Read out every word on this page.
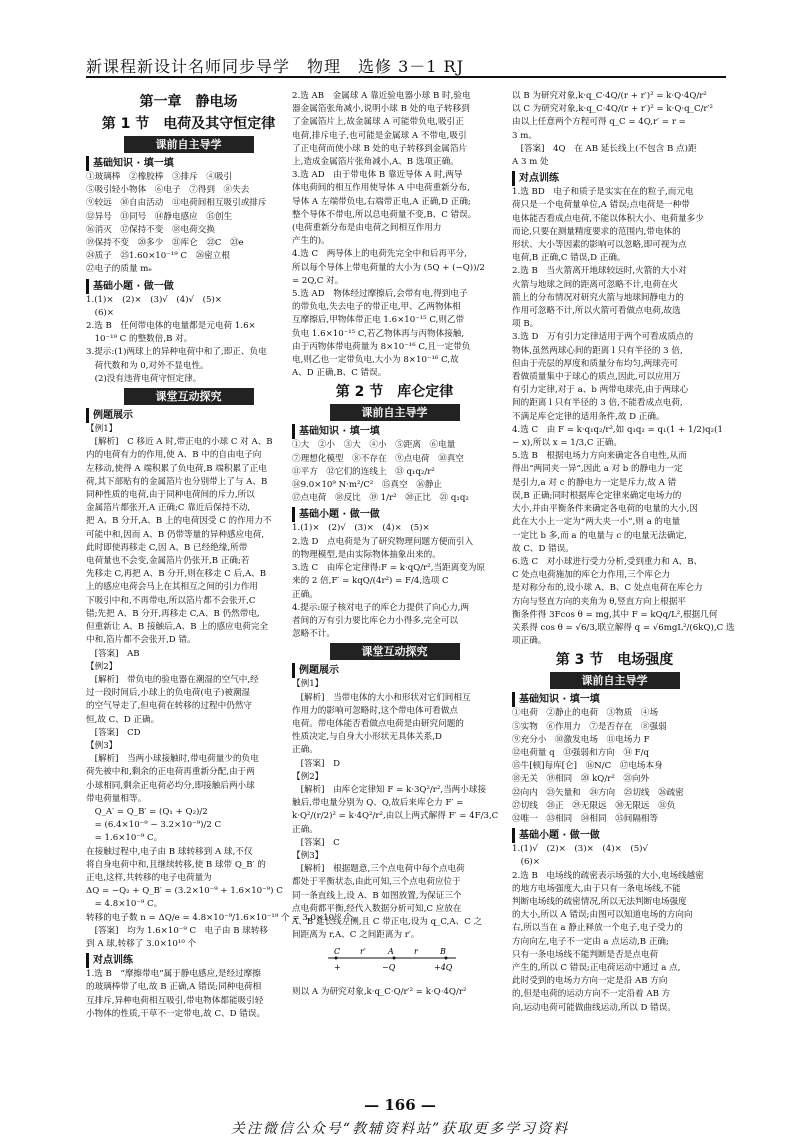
新课程新设计名师同步导学　物理　选修 3－1 RJ
第一章　静电场
第 1 节　电荷及其守恒定律
课前自主导学
基础知识 · 填一填
①玻璃棒　②橡胶棒　③排斥　④吸引
⑤吸引轻小物体　⑥电子　⑦得到　⑧失去
⑨较远　⑩自由活动　⑪电荷间相互吸引或排斥
⑫异号　⑬同号　⑭静电感应　⑮创生
⑯消灭　⑰保持不变　⑱电荷交换
⑲保持不变　⑳多少　㉑库仑　㉒C　㉓e
㉔质子　㉕1.60×10⁻¹⁹ C　㉖密立根
㉗电子的质量 mₑ
基础小题 · 做一做
1.(1)×　(2)×　(3)√　(4)√　(5)×
　(6)×
2.选 B　任何带电体的电量都是元电荷 1.6×
　10⁻¹⁹ C 的整数倍,B 对。
3.提示:(1)两球上的异种电荷中和了,即正、负电
　荷代数和为 0,对外不显电性。
　(2)没有违背电荷守恒定律。
课堂互动探究
例题展示
【例1】
　[解析]　C 移近 A 时,带正电的小球 C 对 A、B
内的电荷有力的作用,使 A、B 中的自由电子向
左移动,使得 A 端积累了负电荷,B 端积累了正电
荷,其下部贴有的金属箔片也分别带上了与 A、B
同种性质的电荷,由于同种电荷间的斥力,所以
金属箔片都张开,A 正确;C 靠近后保持不动,
把 A、B 分开,A、B 上的电荷因受 C 的作用力不
可能中和,因而 A、B 仍带等量的异种感应电荷,
此时即使再移走 C,因 A、B 已经绝缘,所带
电荷量也不会变,金属箔片仍张开,B 正确;若
先移走 C,再把 A、B 分开,则在移走 C 后,A、B
上的感应电荷会马上在其相互之间的引力作用
下吸引中和,不再带电,所以箔片都不会张开,C
错;先把 A、B 分开,再移走 C,A、B 仍然带电,
但重新让 A、B 接触后,A、B 上的感应电荷完全
中和,箔片都不会张开,D 错。
　[答案]　AB
【例2】
　[解析]　带负电的验电器在潮湿的空气中,经
过一段时间后,小球上的负电荷(电子)被潮湿
的空气导走了,但电荷在转移的过程中仍然守
恒,故 C、D 正确。
　[答案]　CD
【例3】
　[解析]　当两小球接触时,带电荷量少的负电
荷先被中和,剩余的正电荷再重新分配,由于两
小球相同,剩余正电荷必均分,即接触后两小球
带电荷量相等。
　Q_A′ = Q_B′ = (Q₁ + Q₂)/2
　= (6.4×10⁻⁹ − 3.2×10⁻⁹)/2 C
　= 1.6×10⁻⁹ C。
在接触过程中,电子由 B 球转移到 A 球,不仅
将自身电荷中和,且继续转移,使 B 球带 Q_B′ 的
正电,这样,共转移的电子电荷量为
ΔQ = −Q₂ + Q_B′ = (3.2×10⁻⁹ + 1.6×10⁻⁹) C
　= 4.8×10⁻⁹ C。
转移的电子数 n = ΔQ/e = 4.8×10⁻⁹/1.6×10⁻¹⁹ 个 = 3.0×10¹⁰ 个。
　[答案]　均为 1.6×10⁻⁹ C　电子由 B 球转移
到 A 球,转移了 3.0×10¹⁰ 个
对点训练
1.选 B　“摩擦带电”属于静电感应,是经过摩擦
的玻璃棒带了电,故 B 正确,A 错误;同种电荷相
互排斥,异种电荷相互吸引,带电物体都能吸引轻
小物体的性质,干草不一定带电,故 C、D 错误。
2.选 AB　金属球 A 靠近验电器小球 B 时,验电
器金属箔张角减小,说明小球 B 处的电子转移到
了金属箔片上,故金属球 A 可能带负电,吸引正
电荷,排斥电子,也可能是金属球 A 不带电,吸引
了正电荷而使小球 B 处的电子转移到金属箔片
上,造成金属箔片张角减小,A、B 选项正确。
3.选 AD　由于带电体 B 靠近导体 A 时,两导
体电荷间的相互作用使导体 A 中电荷重新分布,
导体 A 左端带负电,右端带正电,A 正确,D 正确;
整个导体不带电,所以总电荷量不变,B、C 错误。
(电荷重新分布是由电荷之间相互作用力
产生的)。
4.选 C　两导体上的电荷先完全中和后再平分,
所以每个导体上带电荷量的大小为 (5Q + (−Q))/2
= 2Q,C 对。
5.选 AD　物体经过摩擦后,会带有电,得到电子
的带负电,失去电子的带正电,甲、乙两物体相
互摩擦后,甲物体带正电 1.6×10⁻¹⁵ C,则乙带
负电 1.6×10⁻¹⁵ C,若乙物体再与丙物体接触,
由于丙物体带电荷量为 8×10⁻¹⁶ C,且一定带负
电,则乙也一定带负电,大小为 8×10⁻¹⁶ C,故
A、D 正确,B、C 错误。
第 2 节　库仑定律
课前自主导学
基础知识 · 填一填
①大　②小　③大　④小　⑤距离　⑥电量
⑦理想化模型　⑧不存在　⑨点电荷　⑩真空
⑪平方　⑫它们的连线上　⑬ q₁q₂/r²
⑭9.0×10⁹ N·m²/C²　⑮真空　⑯静止
⑰点电荷　⑱反比　⑲ 1/r²　⑳正比　㉑ q₁q₂
基础小题 · 做一做
1.(1)×　(2)√　(3)×　(4)×　(5)×
2.选 D　点电荷是为了研究物理问题方便而引入
的物理模型,是由实际物体抽象出来的。
3.选 C　由库仑定律得:F = k·qQ/r²,当距离变为原
来的 2 倍,F′ = kqQ/(4r²) = F/4,选项 C
正确。
4.提示:原子核对电子的库仑力提供了向心力,两
者间的万有引力要比库仑力小得多,完全可以
忽略不计。
课堂互动探究
例题展示
【例1】
　[解析]　当带电体的大小和形状对它们间相互
作用力的影响可忽略时,这个带电体可看做点
电荷。带电体能否看做点电荷是由研究问题的
性质决定,与自身大小形状无具体关系,D
正确。
　[答案]　D
【例2】
　[解析]　由库仑定律知 F = k·3Q²/r²,当两小球接
触后,带电量分别为 Q、Q,故后来库仑力 F′ =
k·Q²/(r/2)² = k·4Q²/r²,由以上两式解得 F′ = 4F/3,C
正确。
　[答案]　C
【例3】
　[解析]　根据题意,三个点电荷中每个点电荷
都处于平衡状态,由此可知,三个点电荷应位于
同一条直线上,设 A、B 如图放置,为保证三个
点电荷都平衡,经代入数据分析可知,C 应放在
A、B 延长线左侧,且 C 带正电,设为 q_C,A、C 之
间距离为 r,A、C 之间距离为 r′。
C r′	A	r	B
+	−Q	+4Q
则以 A 为研究对象,k·q_C·Q/r′² = k·Q·4Q/r²
以 B 为研究对象,k·q_C·4Q/(r + r′)² = k·Q·4Q/r²
以 C 为研究对象,k·q_C·4Q/(r + r′)² = k·Q·q_C/r′²
由以上任意两个方程可得 q_C = 4Q,r′ = r =
3 m。
　[答案]　4Q　在 AB 延长线上(不包含 B 点)距
A 3 m 处
对点训练
1.选 BD　电子和质子是实实在在的粒子,而元电
荷只是一个电荷量单位,A 错误;点电荷是一种带
电体能否看成点电荷,不能以体积大小、电荷量多少
而论,只要在测量精度要求的范围内,带电体的
形状、大小等因素的影响可以忽略,即可视为点
电荷,B 正确,C 错误,D 正确。
2.选 B　当火箭离开地球较远时,火箭的大小对
火箭与地球之间的距离可忽略不计,电荷在火
箭上的分布情况对研究火箭与地球间静电力的
作用可忽略不计,所以火箭可看做点电荷,故选
项 B。
3.选 D　万有引力定律适用于两个可看成质点的
物体,虽然两球心间的距离 l 只有半径的 3 倍,
但由于壳层的厚度和质量分布均匀,两球壳可
看做质量集中于球心的质点,因此,可以应用万
有引力定律,对于 a、b 两带电球壳,由于两球心
间的距离 l 只有半径的 3 倍,不能看成点电荷,
不满足库仑定律的适用条件,故 D 正确。
4.选 C　由 F = k·q₁q₂/r²,如 q₁q₂ = q₁(1 + 1/2)q₂(1
− x),所以 x = 1/3,C 正确。
5.选 B　根据电场力方向来确定各自电性,从而
得出“两同夹一异”,因此 a 对 b 的静电力一定
是引力,a 对 c 的静电力一定是斥力,故 A 错
误,B 正确;同时根据库仑定律来确定电场力的
大小,并由平衡条件来确定各电荷的电量的大小,因
此在大小上一定为“两大夹一小”,则 a 的电量
一定比 b 多,而 a 的电量与 c 的电量无法确定,
故 C、D 错误。
6.选 C　对小球进行受力分析,受到重力和 A、B、
C 处点电荷施加的库仑力作用,三个库仑力
是对称分布的,设小球 A、B、C 处点电荷在库仑力
方向与竖直方向的夹角为 θ,竖直方向上根据平
衡条件得 3Fcos θ = mg,其中 F = kQq/L²,根据几何
关系得 cos θ = √6/3,联立解得 q = √6mgL²/(6kQ),C 选
项正确。
第 3 节　电场强度
课前自主导学
基础知识 · 填一填
①电荷　②静止的电荷　③物质　④场
⑤实物　⑥作用力　⑦是否存在　⑧强弱
⑨充分小　⑩激发电场　⑪电场力 F
⑫电荷量 q　⑬强弱和方向　⑭ F/q
⑮牛[顿]每库[仑]　⑯N/C　⑰电场本身
⑱无关　⑲相同　⑳ kQ/r²　㉑向外
㉒向内　㉓矢量和　㉔方向　㉕切线　㉖疏密
㉗切线　㉘正　㉙无限远　㉚无限远　㉛负
㉜唯一　㉝相同　㉞相同　㉟间隔相等
基础小题 · 做一做
1.(1)√　(2)×　(3)×　(4)×　(5)√
　(6)×
2.选 B　电场线的疏密表示场强的大小,电场线越密
的地方电场强度大,由于只有一条电场线,不能
判断电场线的疏密情况,所以无法判断电场强度
的大小,所以 A 错误;由图可以知道电场的方向向
右,所以当在 a 静止释放一个电子,电子受力的
方向向左,电子不一定由 a 点运动,B 正确;
只有一条电场线不能判断是否是点电荷
产生的,所以 C 错误;正电荷运动中通过 a 点,
此时受到的电场力方向一定是沿 AB 方向
的,但是电荷的运动方向不一定沿着 AB 方
向,运动电荷可能做曲线运动,所以 D 错误。
— 166 —
关注微信公众号“教辅资料站”获取更多学习资料
